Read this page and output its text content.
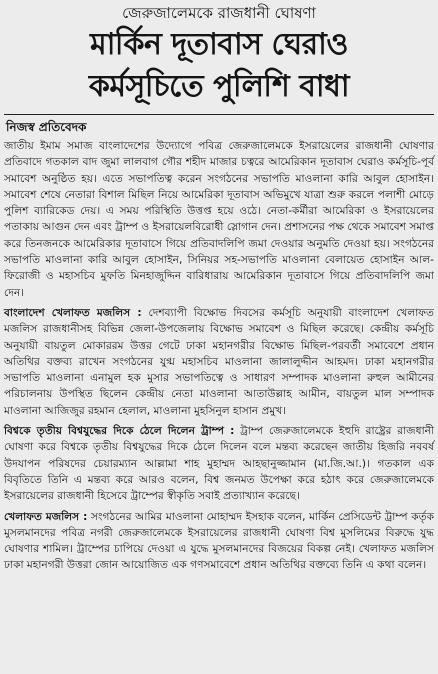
জেরুজালেমকে রাজধানী ঘোষণা
মার্কিন দূতাবাস ঘেরাও
কর্মসূচিতে পুলিশি বাধা
নিজস্ব প্রতিবেদক

জাতীয় ইমাম সমাজ বাংলাদেশের উদ্যোগে পবিত্র জেরুজালেমকে ইসরায়েলের রাজধানী ঘোষণার প্রতিবাদে গতকাল বাদ জুমা লালবাগ গৌর শহীদ মাজার চত্বরে আমেরিকান দূতাবাস ঘেরাও কর্মসূচি-পূর্ব সমাবেশ অনুষ্ঠিত হয়। এতে সভাপতিত্ব করেন সংগঠনের সভাপতি মাওলানা কারি আবুল হোসাইন। সমাবেশ শেষে নেতারা বিশাল মিছিল নিয়ে আমেরিকা দূতাবাস অভিমুখে যাত্রা শুরু করলে পলাশী মোড়ে পুলিশ ব্যারিকেড দেয়। এ সময় পরিস্থিতি উত্তপ্ত হয়ে ওঠে। নেতা-কর্মীরা আমেরিকা ও ইসরায়েলের পতাকায় আগুন দেন এবং ট্রাম্প ও ইসরায়েলবিরোধী স্লোগান দেন। প্রশাসনের পক্ষ থেকে সমাবেশ সমাপ্ত করে তিনজনকে আমেরিকার দূতাবাসে গিয়ে প্রতিবাদলিপি জমা দেওয়ার অনুমতি দেওয়া হয়। সংগঠনের সভাপতি মাওলানা কারি আবুল হোসাইন, সিনিয়র সহ-সভাপতি মাওলানা বেলায়েত হোসাইন আল-ফিরোজী ও মহাসচিব মুফতি মিনহাজুদ্দিন বারিধারায় আমেরিকান দূতাবাসে গিয়ে প্রতিবাদলিপি জমা দেন।

বাংলাদেশ খেলাফত মজলিস : দেশব্যাপী বিক্ষোভ দিবসের কর্মসূচি অনুযায়ী বাংলাদেশ খেলাফত মজলিস রাজধানীসহ বিভিন্ন জেলা-উপজেলায় বিক্ষোভ সমাবেশ ও মিছিল করেছে। কেন্দ্রীয় কর্মসূচি অনুযায়ী বায়তুল মোকাররম উত্তর গেটে ঢাকা মহানগরীর বিক্ষোভ মিছিল-পরবর্তী সমাবেশে প্রধান অতিথির বক্তব্য রাখেন সংগঠনের যুগ্ম মহাসচিব মাওলানা জালালুদ্দীন আহমদ। ঢাকা মহানগরীর সভাপতি মাওলানা এনামুল হক মুসার সভাপতিত্বে ও সাধারণ সম্পাদক মাওলানা রুহুল আমীনের পরিচালনায় উপস্থিত ছিলেন কেন্দ্রীয় নেতা মাওলানা আতাউল্লাহ আমীন, বায়তুল মাল সম্পাদক মাওলানা আজিজুর রহমান হেলাল, মাওলানা মুহসিনুল হাসান প্রমুখ।

বিশ্বকে তৃতীয় বিশ্বযুদ্ধের দিকে ঠেলে দিলেন ট্রাম্প : ট্রাম্প জেরুজালেমকে ইহুদি রাষ্ট্রের রাজধানী ঘোষণা করে বিশ্বকে তৃতীয় বিশ্বযুদ্ধের দিকে ঠেলে দিলেন বলে মন্তব্য করেছেন জাতীয় হিজরি নববর্ষ উদযাপন পরিষদের চেয়ারম্যান আল্লামা শাহ মুহাম্মদ আহছানুজ্জামান (মা.জি.আ.)। গতকাল এক বিবৃতিতে তিনি এ মন্তব্য করে আরও বলেন, বিশ্ব জনমত উপেক্ষা করে হঠাৎ করে জেরুজালেমকে ইসরায়েলের রাজধানী হিসেবে ট্রাম্পের স্বীকৃতি সবাই প্রত্যাখ্যান করেছে।

খেলাফত মজলিস : সংগঠনের আমির মাওলানা মোহাম্মদ ইসহাক বলেন, মার্কিন প্রেসিডেন্ট ট্রাম্প কর্তৃক মুসলমানদের পবিত্র নগরী জেরুজালেমকে ইসরায়েলের রাজধানী ঘোষণা বিশ্ব মুসলিমের বিরুদ্ধে যুদ্ধ ঘোষণার শামিল। ট্রাম্পের চাপিয়ে দেওয়া এ যুদ্ধে মুসলমানদের বিজয়ের বিকল্প নেই। খেলাফত মজলিস ঢাকা মহানগরী উত্তরা জোন আয়োজিত এক গণসমাবেশে প্রধান অতিথির বক্তব্যে তিনি এ কথা বলেন।
